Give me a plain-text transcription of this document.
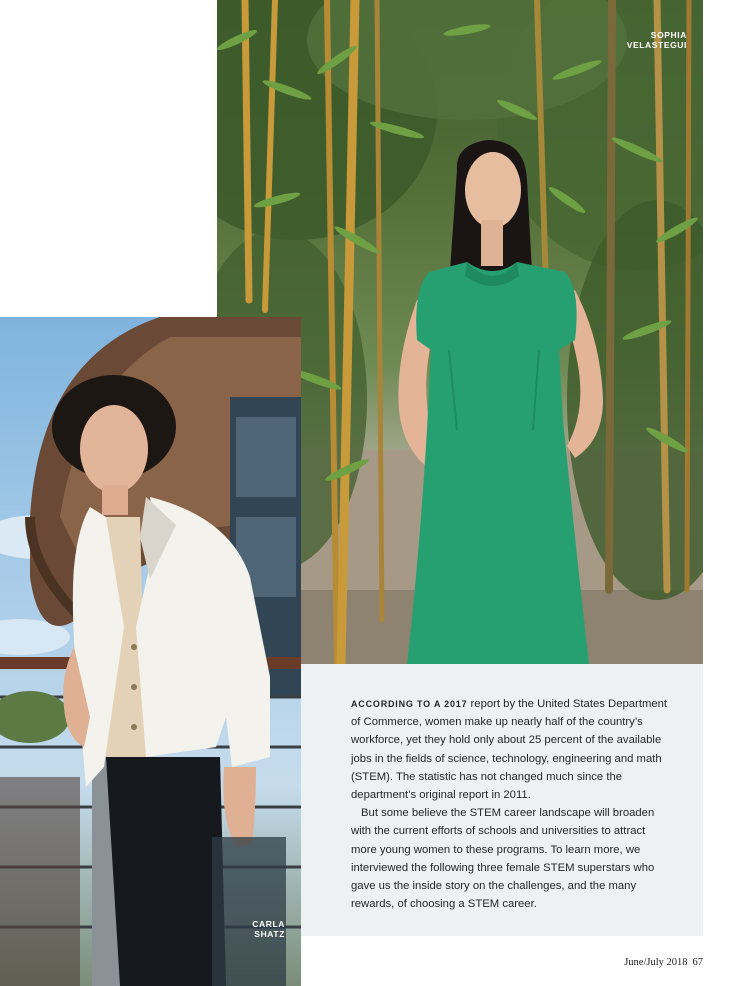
SOPHIA
VELASTEGUI
CARLA
SHATZ

ACCORDING TO A 2017 report by the United States Department of Commerce, women make up nearly half of the country’s workforce, yet they hold only about 25 percent of the available jobs in the fields of science, technology, engineering and math (STEM). The statistic has not changed much since the department’s original report in 2011.

But some believe the STEM career landscape will broaden with the current efforts of schools and universities to attract more young women to these programs. To learn more, we interviewed the following three female STEM superstars who gave us the inside story on the challenges, and the many rewards, of choosing a STEM career.

June/July 2018 67
